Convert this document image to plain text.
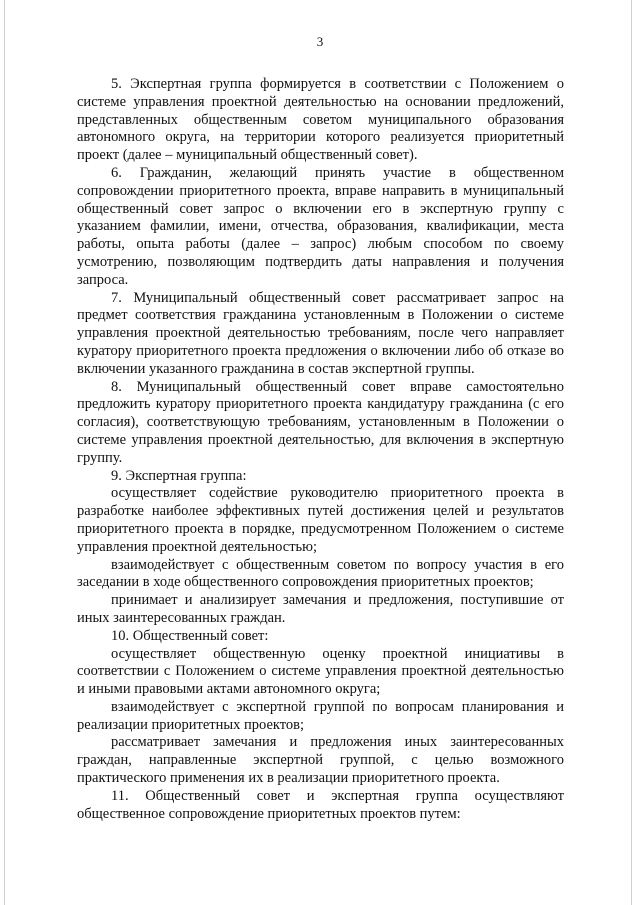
3

5. Экспертная группа формируется в соответствии с Положением о системе управления проектной деятельностью на основании предложений, представленных общественным советом муниципального образования автономного округа, на территории которого реализуется приоритетный проект (далее – муниципальный общественный совет).

6. Гражданин, желающий принять участие в общественном сопровождении приоритетного проекта, вправе направить в муниципальный общественный совет запрос о включении его в экспертную группу с указанием фамилии, имени, отчества, образования, квалификации, места работы, опыта работы (далее – запрос) любым способом по своему усмотрению, позволяющим подтвердить даты направления и получения запроса.

7. Муниципальный общественный совет рассматривает запрос на предмет соответствия гражданина установленным в Положении о системе управления проектной деятельностью требованиям, после чего направляет куратору приоритетного проекта предложения о включении либо об отказе во включении указанного гражданина в состав экспертной группы.

8. Муниципальный общественный совет вправе самостоятельно предложить куратору приоритетного проекта кандидатуру гражданина (с его согласия), соответствующую требованиям, установленным в Положении о системе управления проектной деятельностью, для включения в экспертную группу.

9. Экспертная группа:

осуществляет содействие руководителю приоритетного проекта в разработке наиболее эффективных путей достижения целей и результатов приоритетного проекта в порядке, предусмотренном Положением о системе управления проектной деятельностью;

взаимодействует с общественным советом по вопросу участия в его заседании в ходе общественного сопровождения приоритетных проектов;

принимает и анализирует замечания и предложения, поступившие от иных заинтересованных граждан.

10. Общественный совет:

осуществляет общественную оценку проектной инициативы в соответствии с Положением о системе управления проектной деятельностью и иными правовыми актами автономного округа;

взаимодействует с экспертной группой по вопросам планирования и реализации приоритетных проектов;

рассматривает замечания и предложения иных заинтересованных граждан, направленные экспертной группой, с целью возможного практического применения их в реализации приоритетного проекта.

11. Общественный совет и экспертная группа осуществляют общественное сопровождение приоритетных проектов путем:
